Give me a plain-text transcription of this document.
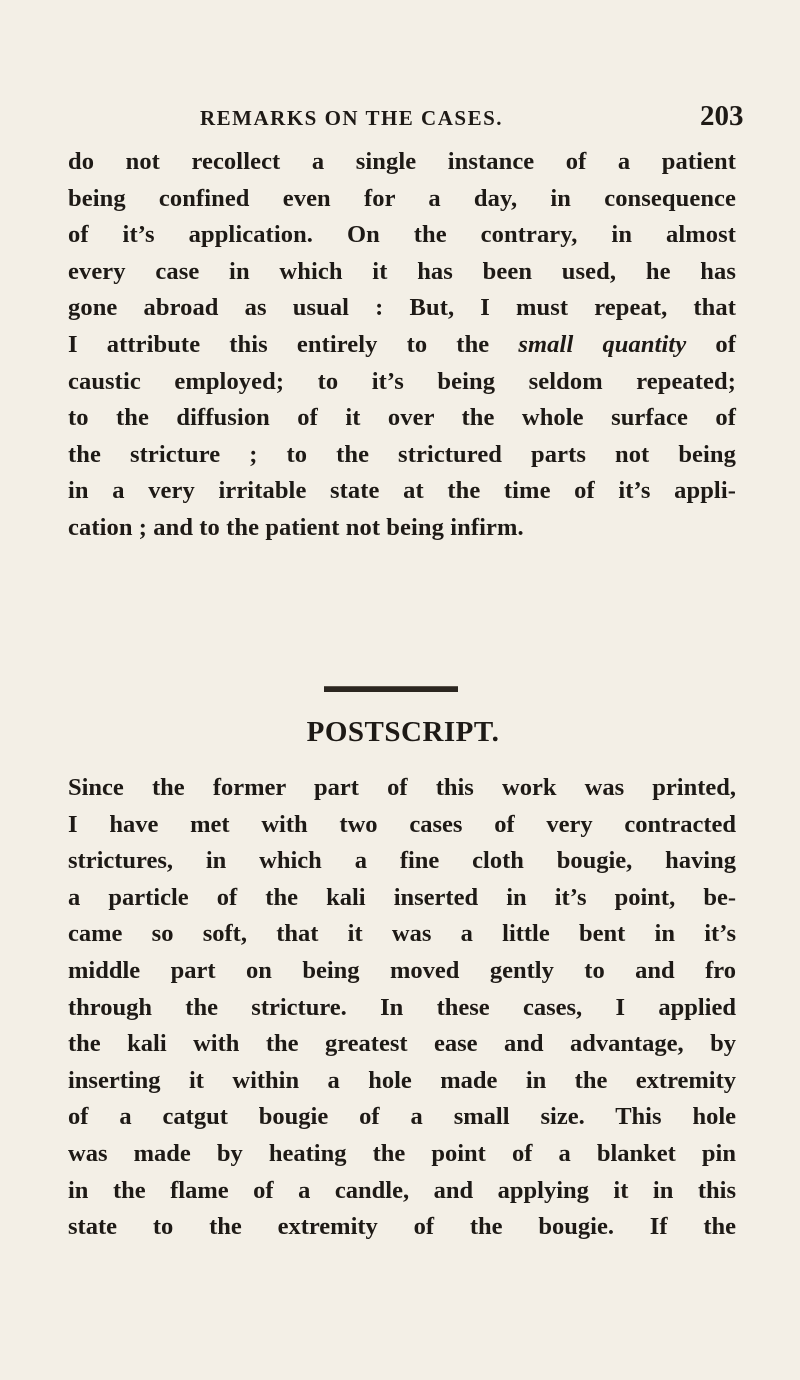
REMARKS ON THE CASES.	203
do not recollect a single instance of a patient
being confined even for a day, in consequence
of it’s application. On the contrary, in almost
every case in which it has been used, he has
gone abroad as usual : But, I must repeat, that
I attribute this entirely to the small quantity of
caustic employed; to it’s being seldom repeated;
to the diffusion of it over the whole surface of
the stricture ; to the strictured parts not being
in a very irritable state at the time of it’s appli-
cation ; and to the patient not being infirm.
POSTSCRIPT.
Since the former part of this work was printed,
I have met with two cases of very contracted
strictures, in which a fine cloth bougie, having
a particle of the kali inserted in it’s point, be-
came so soft, that it was a little bent in it’s
middle part on being moved gently to and fro
through the stricture. In these cases, I applied
the kali with the greatest ease and advantage, by
inserting it within a hole made in the extremity
of a catgut bougie of a small size. This hole
was made by heating the point of a blanket pin
in the flame of a candle, and applying it in this
state to the extremity of the bougie. If the
